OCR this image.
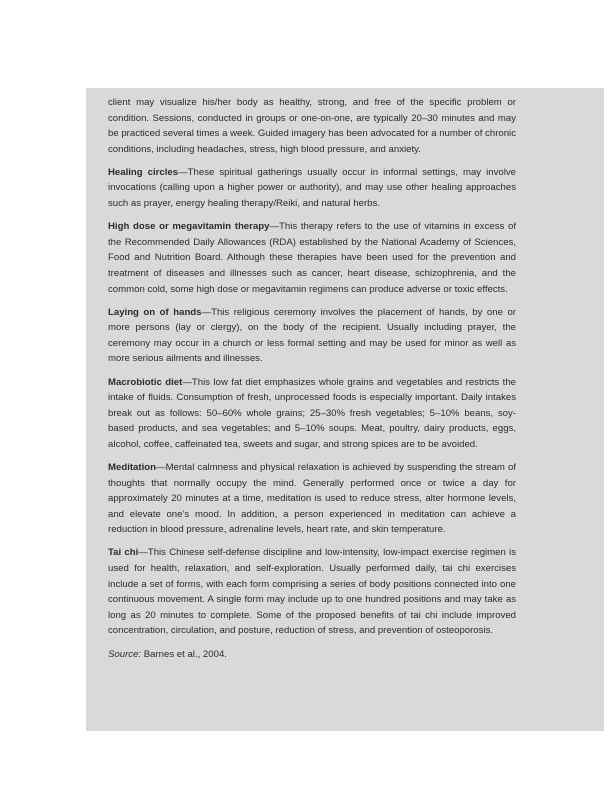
client may visualize his/her body as healthy, strong, and free of the specific problem or condition. Sessions, conducted in groups or one-on-one, are typically 20–30 minutes and may be practiced several times a week. Guided imagery has been advocated for a number of chronic conditions, including headaches, stress, high blood pressure, and anxiety.

Healing circles—These spiritual gatherings usually occur in informal settings, may involve invocations (calling upon a higher power or authority), and may use other healing approaches such as prayer, energy healing therapy/Reiki, and natural herbs.

High dose or megavitamin therapy—This therapy refers to the use of vitamins in excess of the Recommended Daily Allowances (RDA) established by the National Academy of Sciences, Food and Nutrition Board. Although these therapies have been used for the prevention and treatment of diseases and illnesses such as cancer, heart disease, schizophrenia, and the common cold, some high dose or megavitamin regimens can produce adverse or toxic effects.

Laying on of hands—This religious ceremony involves the placement of hands, by one or more persons (lay or clergy), on the body of the recipient. Usually including prayer, the ceremony may occur in a church or less formal setting and may be used for minor as well as more serious ailments and illnesses.

Macrobiotic diet—This low fat diet emphasizes whole grains and vegetables and restricts the intake of fluids. Consumption of fresh, unprocessed foods is especially important. Daily intakes break out as follows: 50–60% whole grains; 25–30% fresh vegetables; 5–10% beans, soy-based products, and sea vegetables; and 5–10% soups. Meat, poultry, dairy products, eggs, alcohol, coffee, caffeinated tea, sweets and sugar, and strong spices are to be avoided.

Meditation—Mental calmness and physical relaxation is achieved by suspending the stream of thoughts that normally occupy the mind. Generally performed once or twice a day for approximately 20 minutes at a time, meditation is used to reduce stress, alter hormone levels, and elevate one’s mood. In addition, a person experienced in meditation can achieve a reduction in blood pressure, adrenaline levels, heart rate, and skin temperature.

Tai chi—This Chinese self-defense discipline and low-intensity, low-impact exercise regimen is used for health, relaxation, and self-exploration. Usually performed daily, tai chi exercises include a set of forms, with each form comprising a series of body positions connected into one continuous movement. A single form may include up to one hundred positions and may take as long as 20 minutes to complete. Some of the proposed benefits of tai chi include improved concentration, circulation, and posture, reduction of stress, and prevention of osteoporosis.

Source: Barnes et al., 2004.
